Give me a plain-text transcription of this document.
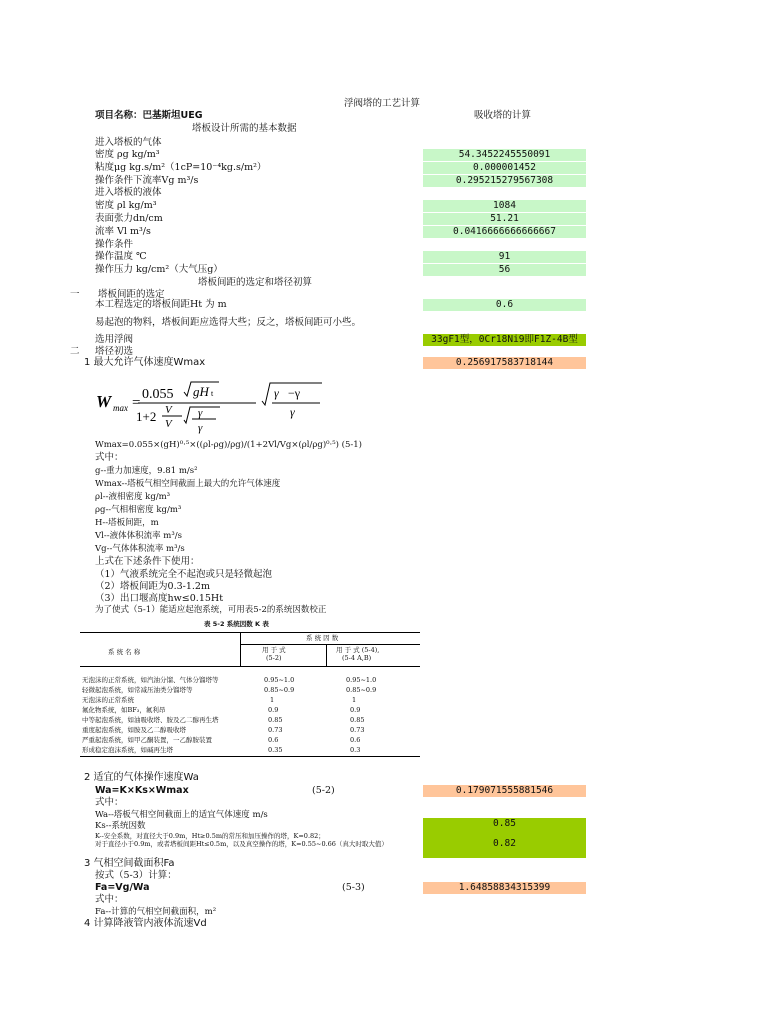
浮阀塔的工艺计算
项目名称：巴基斯坦UEG	吸收塔的计算
塔板设计所需的基本数据
进入塔板的气体
密度 ρg kg/m³	54.3452245550091
粘度μg kg.s/m²（1cP=10⁻⁴kg.s/m²）	0.000001452
操作条件下流率Vg m³/s	0.295215279567308
进入塔板的液体
密度 ρl kg/m³	1084
表面张力dn/cm	51.21
流率 Vl m³/s	0.0416666666666667
操作条件
操作温度 ℃	91
操作压力 kg/cm²（大气压g）	56
塔板间距的选定和塔径初算
一 塔板间距的选定
本工程选定的塔板间距Ht 为 m	0.6
易起泡的物料，塔板间距应选得大些；反之，塔板间距可小些。
选用浮阀	33gF1型，0Cr18Ni9即F1Z-4B型
二 塔径初选
1 最大允许气体速度Wmax	0.256917583718144
W max =
0.055 gH t
1+2 V
V
γ
γ
γ −γ
γ
Wmax=0.055×(gH)⁰·⁵×((ρl-ρg)/ρg)/(1+2Vl/Vg×(ρl/ρg)⁰·⁵) (5-1)
式中：
g--重力加速度，9.81 m/s²
Wmax--塔板气相空间截面上最大的允许气体速度
ρl--液相密度 kg/m³
ρg--气相相密度 kg/m³
H--塔板间距，m
Vl--液体体积流率 m³/s
Vg--气体体积流率 m³/s
上式在下述条件下使用：
（1）气液系统完全不起泡或只是轻微起泡
（2）塔板间距为0.3-1.2m
（3）出口堰高度hw≤0.15Ht
为了使式（5-1）能适应起泡系统，可用表5-2的系统因数校正
表 5-2 系统因数 K 表
系 统 名 称
系 统 因 数
用 于 式
(5-2)
用 于 式 (5-4),
(5-4 A,B)
无泡沫的正常系统，如汽油分馏、气体分馏塔等	0.95~1.0	0.95~1.0
轻微起泡系统，如常减压油类分馏塔等	0.85~0.9	0.85~0.9
无泡沫的正常系统	1	1
氟化物系统，如BF₃，氟利昂	0.9	0.9
中等起泡系统，如油吸收塔、胺及乙二醇再生塔	0.85	0.85
重度起泡系统，如胺及乙二醇吸收塔	0.73	0.73
严重起泡系统，如甲乙酮装置，一乙醇胺装置	0.6	0.6
形成稳定泡沫系统，如碱再生塔	0.35	0.3
2 适宜的气体操作速度Wa
Wa=K×Ks×Wmax	(5-2)	0.179071555881546
式中：
Wa--塔板气相空间截面上的适宜气体速度 m/s
Ks--系统因数	0.85
K--安全系数，对直径大于0.9m，Ht≥0.5m的常压和加压操作的塔，K=0.82；
对于直径小于0.9m，或者塔板间距Ht≤0.5m，以及真空操作的塔，K=0.55~0.66（真大时取大值）	0.82
3 气相空间截面积Fa
按式（5-3）计算：
Fa=Vg/Wa	(5-3)	1.64858834315399
式中：
Fa--计算的气相空间截面积，m²
4 计算降液管内液体流速Vd
